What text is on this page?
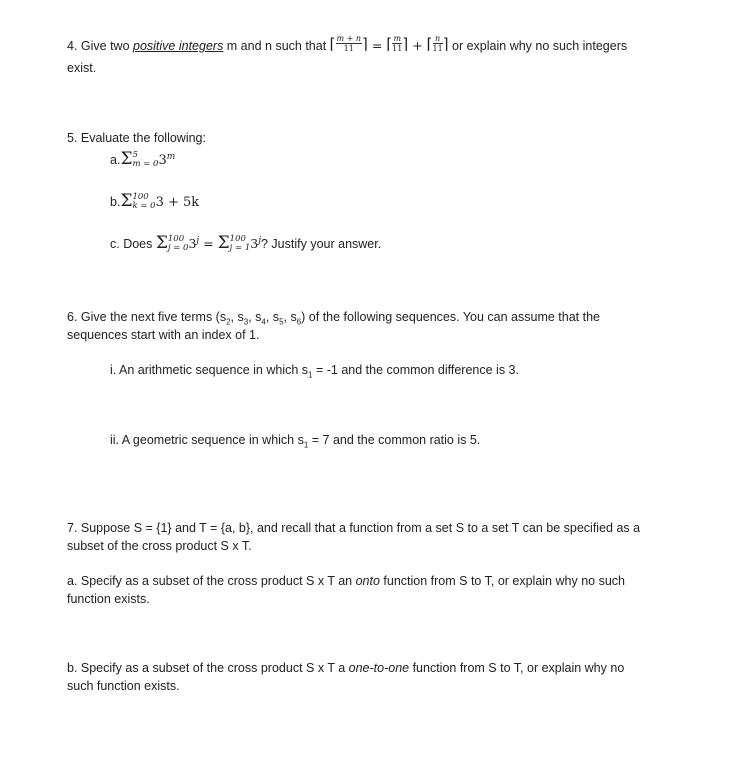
4. Give two positive integers m and n such that ⌈ $\frac{m + n}{11}$ ⌉ = ⌈ $\frac{m}{11}$ ⌉ + ⌈ $\frac{n}{11}$ ⌉ or explain why no such integers
exist.
5. Evaluate the following:
a.Σ 5
m = 0 3$^m$
b.Σ 100
k = 0 3 + 5k
c. Does Σ 100
j = 0 $3^j = \Sigma$ 100
j = 1 3$^j$? Justify your answer.
6. Give the next five terms ($s_2$, $s_3$, $s_4$, $s_5$, $s_6$) of the following sequences. You can assume that the
sequences start with an index of 1.
i. An arithmetic sequence in which $s_1 = -1$ and the common difference is 3.
ii. A geometric sequence in which $s_1 = 7$ and the common ratio is 5.
7. Suppose S = {1} and T = {a, b}, and recall that a function from a set S to a set T can be specified as a
subset of the cross product S x T.
a. Specify as a subset of the cross product S x T an onto function from S to T, or explain why no such
function exists.
b. Specify as a subset of the cross product S x T a one-to-one function from S to T, or explain why no
such function exists.
